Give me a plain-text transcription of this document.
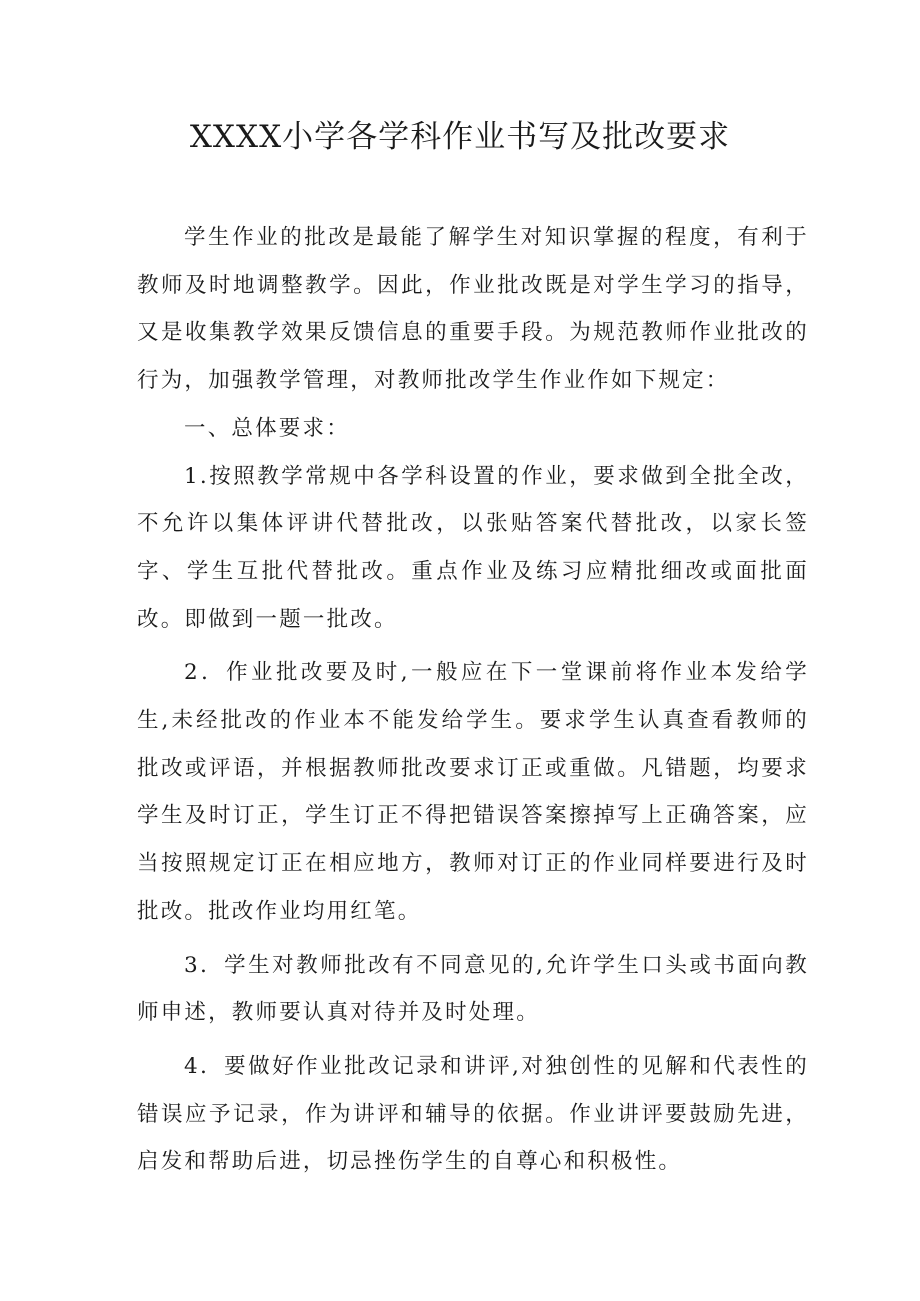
XXXX小学各学科作业书写及批改要求

学生作业的批改是最能了解学生对知识掌握的程度，有利于教师及时地调整教学。因此，作业批改既是对学生学习的指导，又是收集教学效果反馈信息的重要手段。为规范教师作业批改的行为，加强教学管理，对教师批改学生作业作如下规定：

一、总体要求：

1.按照教学常规中各学科设置的作业，要求做到全批全改，不允许以集体评讲代替批改，以张贴答案代替批改，以家长签字、学生互批代替批改。重点作业及练习应精批细改或面批面改。即做到一题一批改。

2．作业批改要及时,一般应在下一堂课前将作业本发给学生,未经批改的作业本不能发给学生。要求学生认真查看教师的批改或评语，并根据教师批改要求订正或重做。凡错题，均要求学生及时订正，学生订正不得把错误答案擦掉写上正确答案，应当按照规定订正在相应地方，教师对订正的作业同样要进行及时批改。批改作业均用红笔。

3．学生对教师批改有不同意见的,允许学生口头或书面向教师申述，教师要认真对待并及时处理。

4．要做好作业批改记录和讲评,对独创性的见解和代表性的错误应予记录，作为讲评和辅导的依据。作业讲评要鼓励先进，启发和帮助后进，切忌挫伤学生的自尊心和积极性。
